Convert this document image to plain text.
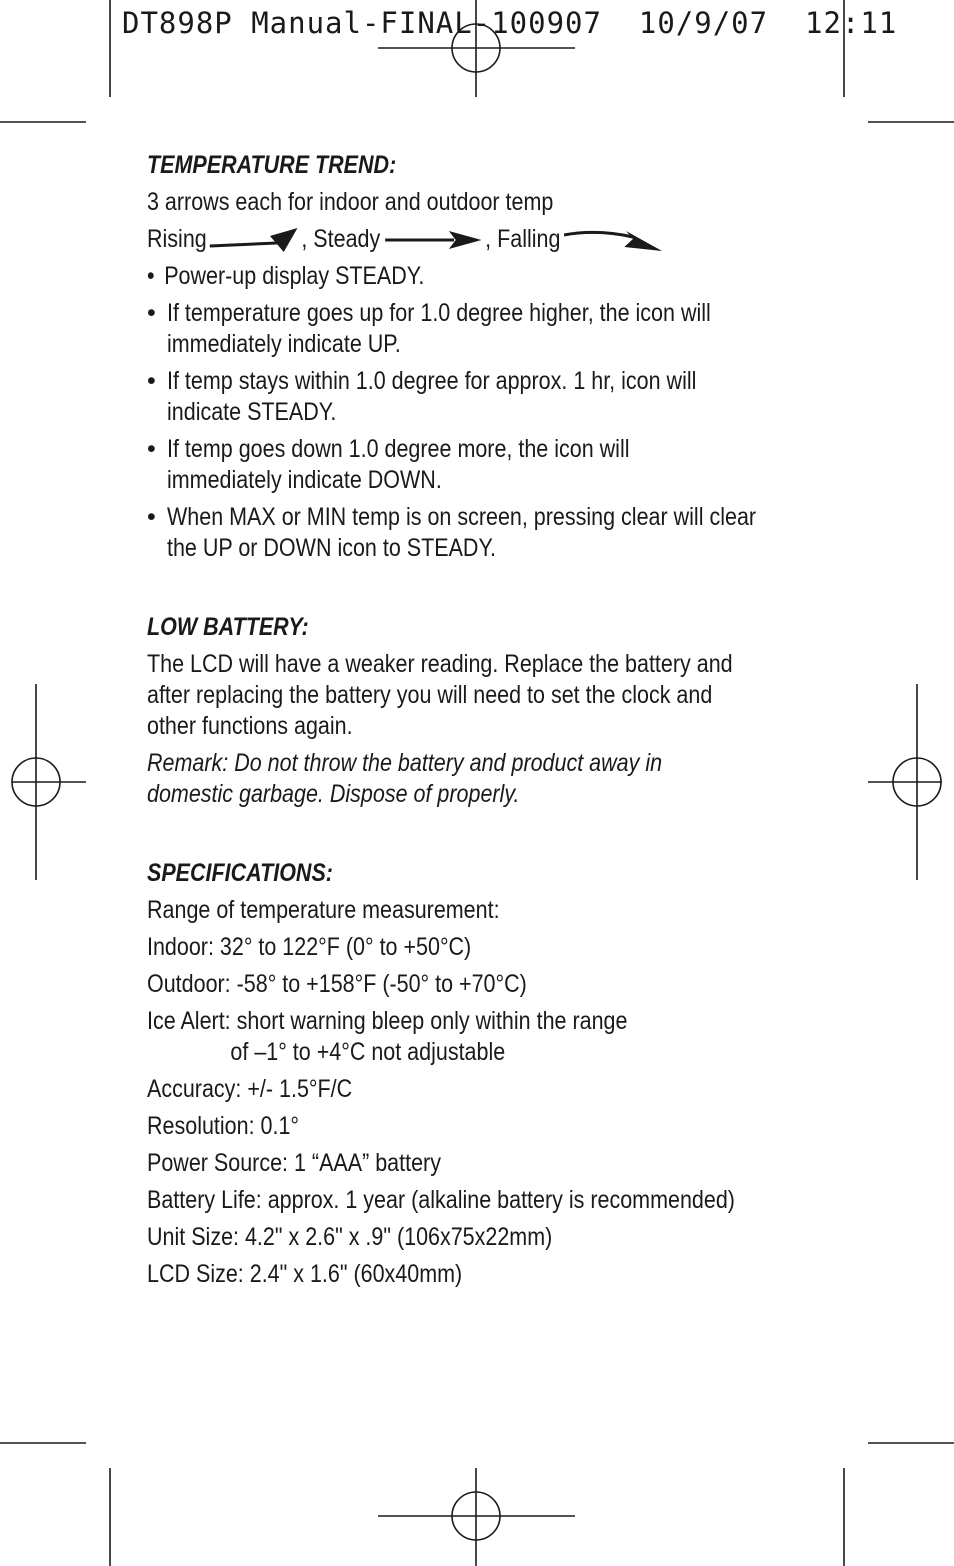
DT898P Manual-FINAL-100907  10/9/07  12:11
TEMPERATURE TREND:
3 arrows each for indoor and outdoor temp
Rising	, Steady	, Falling
• Power-up display STEADY.
• If temperature goes up for 1.0 degree higher, the icon will
immediately indicate UP.
• If temp stays within 1.0 degree for approx. 1 hr, icon will
indicate STEADY.
• If temp goes down 1.0 degree more, the icon will
immediately indicate DOWN.
• When MAX or MIN temp is on screen, pressing clear will clear
the UP or DOWN icon to STEADY.
LOW BATTERY:
The LCD will have a weaker reading. Replace the battery and
after replacing the battery you will need to set the clock and
other functions again.
Remark: Do not throw the battery and product away in
domestic garbage. Dispose of properly.
SPECIFICATIONS:
Range of temperature measurement:
Indoor: 32° to 122°F (0° to +50°C)
Outdoor: -58° to +158°F (-50° to +70°C)
Ice Alert: short warning bleep only within the range
of –1° to +4°C not adjustable
Accuracy: +/- 1.5°F/C
Resolution: 0.1°
Power Source: 1 “AAA” battery
Battery Life: approx. 1 year (alkaline battery is recommended)
Unit Size: 4.2" x 2.6" x .9" (106x75x22mm)
LCD Size: 2.4" x 1.6" (60x40mm)
